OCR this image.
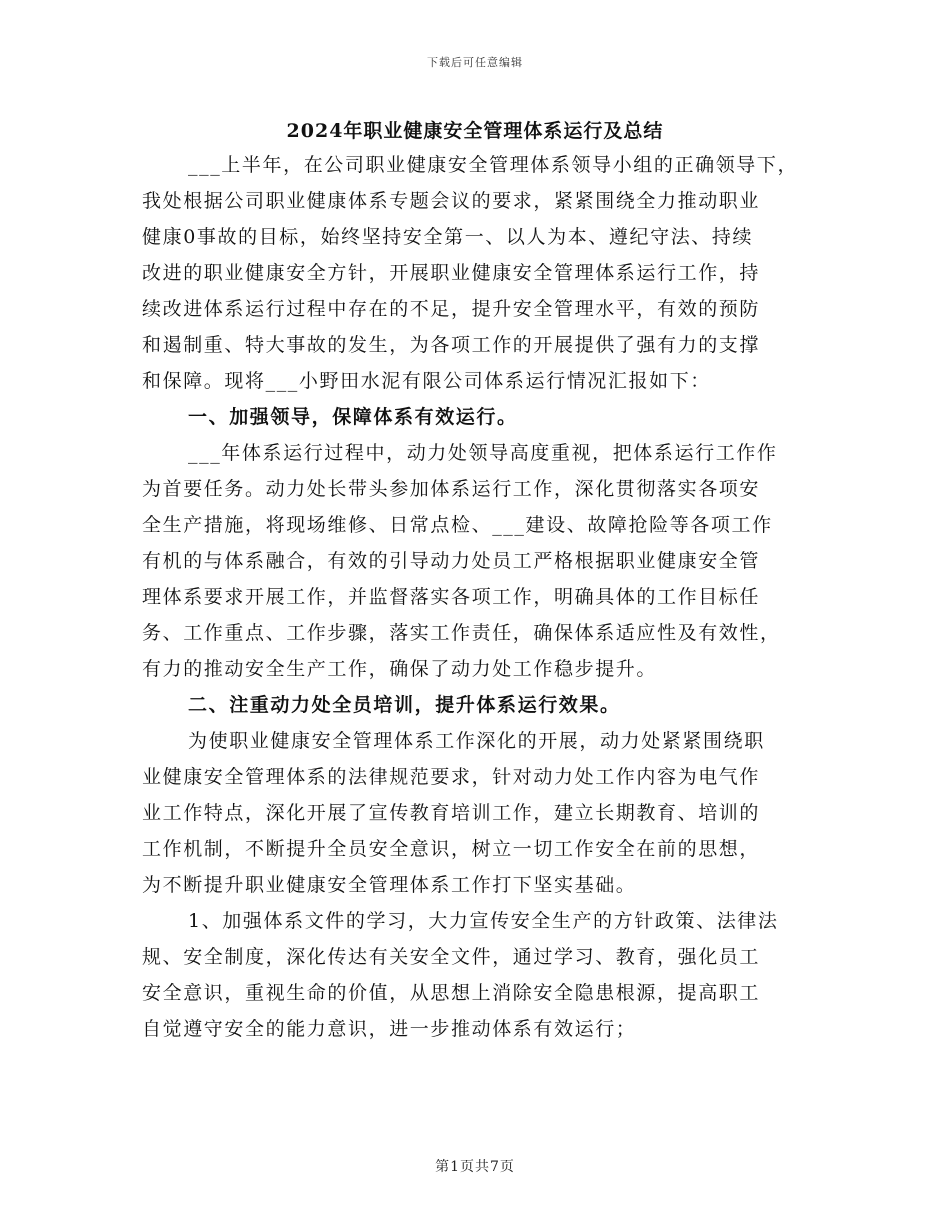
下载后可任意编辑
2024年职业健康安全管理体系运行及总结
___上半年，在公司职业健康安全管理体系领导小组的正确领导下，
我处根据公司职业健康体系专题会议的要求，紧紧围绕全力推动职业
健康0事故的目标，始终坚持安全第一、以人为本、遵纪守法、持续
改进的职业健康安全方针，开展职业健康安全管理体系运行工作，持
续改进体系运行过程中存在的不足，提升安全管理水平，有效的预防
和遏制重、特大事故的发生，为各项工作的开展提供了强有力的支撑
和保障。现将___小野田水泥有限公司体系运行情况汇报如下：
一、加强领导，保障体系有效运行。
___年体系运行过程中，动力处领导高度重视，把体系运行工作作
为首要任务。动力处长带头参加体系运行工作，深化贯彻落实各项安
全生产措施，将现场维修、日常点检、___建设、故障抢险等各项工作
有机的与体系融合，有效的引导动力处员工严格根据职业健康安全管
理体系要求开展工作，并监督落实各项工作，明确具体的工作目标任
务、工作重点、工作步骤，落实工作责任，确保体系适应性及有效性，
有力的推动安全生产工作，确保了动力处工作稳步提升。
二、注重动力处全员培训，提升体系运行效果。
为使职业健康安全管理体系工作深化的开展，动力处紧紧围绕职
业健康安全管理体系的法律规范要求，针对动力处工作内容为电气作
业工作特点，深化开展了宣传教育培训工作，建立长期教育、培训的
工作机制，不断提升全员安全意识，树立一切工作安全在前的思想，
为不断提升职业健康安全管理体系工作打下坚实基础。
1、加强体系文件的学习，大力宣传安全生产的方针政策、法律法
规、安全制度，深化传达有关安全文件，通过学习、教育，强化员工
安全意识，重视生命的价值，从思想上消除安全隐患根源，提高职工
自觉遵守安全的能力意识，进一步推动体系有效运行；
第1页共7页
